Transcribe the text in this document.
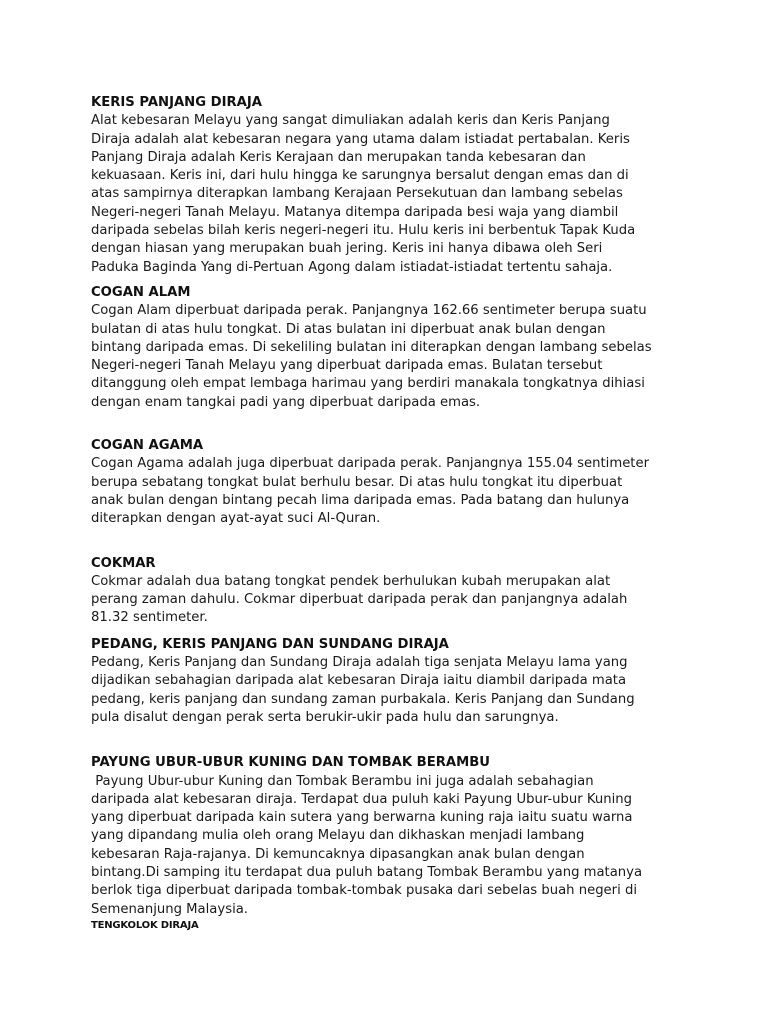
KERIS PANJANG DIRAJA
Alat kebesaran Melayu yang sangat dimuliakan adalah keris dan Keris Panjang
Diraja adalah alat kebesaran negara yang utama dalam istiadat pertabalan. Keris
Panjang Diraja adalah Keris Kerajaan dan merupakan tanda kebesaran dan
kekuasaan. Keris ini, dari hulu hingga ke sarungnya bersalut dengan emas dan di
atas sampirnya diterapkan lambang Kerajaan Persekutuan dan lambang sebelas
Negeri-negeri Tanah Melayu. Matanya ditempa daripada besi waja yang diambil
daripada sebelas bilah keris negeri-negeri itu. Hulu keris ini berbentuk Tapak Kuda
dengan hiasan yang merupakan buah jering. Keris ini hanya dibawa oleh Seri
Paduka Baginda Yang di-Pertuan Agong dalam istiadat-istiadat tertentu sahaja.
COGAN ALAM
Cogan Alam diperbuat daripada perak. Panjangnya 162.66 sentimeter berupa suatu
bulatan di atas hulu tongkat. Di atas bulatan ini diperbuat anak bulan dengan
bintang daripada emas. Di sekeliling bulatan ini diterapkan dengan lambang sebelas
Negeri-negeri Tanah Melayu yang diperbuat daripada emas. Bulatan tersebut
ditanggung oleh empat lembaga harimau yang berdiri manakala tongkatnya dihiasi
dengan enam tangkai padi yang diperbuat daripada emas.
COGAN AGAMA
Cogan Agama adalah juga diperbuat daripada perak. Panjangnya 155.04 sentimeter
berupa sebatang tongkat bulat berhulu besar. Di atas hulu tongkat itu diperbuat
anak bulan dengan bintang pecah lima daripada emas. Pada batang dan hulunya
diterapkan dengan ayat-ayat suci Al-Quran.
COKMAR
Cokmar adalah dua batang tongkat pendek berhulukan kubah merupakan alat
perang zaman dahulu. Cokmar diperbuat daripada perak dan panjangnya adalah
81.32 sentimeter.
PEDANG, KERIS PANJANG DAN SUNDANG DIRAJA
Pedang, Keris Panjang dan Sundang Diraja adalah tiga senjata Melayu lama yang
dijadikan sebahagian daripada alat kebesaran Diraja iaitu diambil daripada mata
pedang, keris panjang dan sundang zaman purbakala. Keris Panjang dan Sundang
pula disalut dengan perak serta berukir-ukir pada hulu dan sarungnya.
PAYUNG UBUR-UBUR KUNING DAN TOMBAK BERAMBU
Payung Ubur-ubur Kuning dan Tombak Berambu ini juga adalah sebahagian
daripada alat kebesaran diraja. Terdapat dua puluh kaki Payung Ubur-ubur Kuning
yang diperbuat daripada kain sutera yang berwarna kuning raja iaitu suatu warna
yang dipandang mulia oleh orang Melayu dan dikhaskan menjadi lambang
kebesaran Raja-rajanya. Di kemuncaknya dipasangkan anak bulan dengan
bintang.Di samping itu terdapat dua puluh batang Tombak Berambu yang matanya
berlok tiga diperbuat daripada tombak-tombak pusaka dari sebelas buah negeri di
Semenanjung Malaysia.
TENGKOLOK DIRAJA
